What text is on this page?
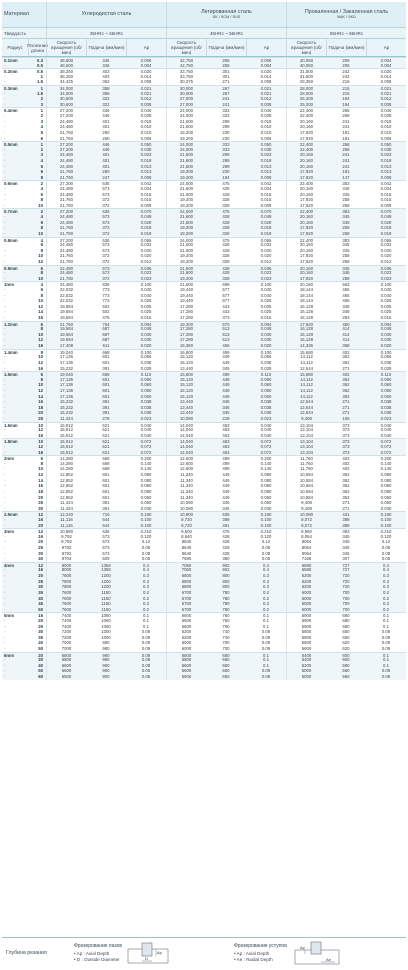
Материал	Углеродистая сталь	Легированная сталь
SK / SCM / SUS
Прокаленная / Закаленная сталь
NAK / SKD
Твердость	35HRc ~ 45HRc	45HRc ~ 55HRc	55HRc ~ 65HRc
Радиус Полезная длина
Скорость вращения (об/мин)
Подача (мм/мин)	Ap
Скорость вращения (об/мин)
Подача (мм/мин)	Ap
Скорость вращения (об/мин)
Подача (мм/мин)	Ap
0.1mm	0.3	48,600	345	0.006	42,750	255	0.006	40,050	206	0.004
-	0.5	48,600	345	0.004	42,750	255	0.004	40,050	206	0.004
0.2mm	0.5	38,250	403	0.020	33,750	301	0.020	31,500	242	0.020
-	1	38,250	403	0.014	33,750	301	0.014	31,500	242	0.014
-	1.5	34,425	362	0.008	30,375	271	0.008	28,350	218	0.008
0.3mm	1	34,000	358	0.021	30,000	267	0.021	28,000	215	0.021
-	1.5	34,000	358	0.021	30,000	267	0.021	28,000	215	0.021
-	2	30,600	322	0.012	27,000	241	0.012	25,200	194	0.012
-	3	30,600	322	0.008	27,000	241	0.008	25,200	194	0.008
0.4mm	1	27,200	446	0.040	24,000	333	0.040	22,400	268	0.040
-	2	27,200	446	0.028	24,000	333	0.028	22,400	268	0.028
-	3	24,480	401	0.018	21,600	299	0.018	20,160	241	0.018
-	4	24,480	401	0.010	21,600	299	0.010	20,160	241	0.010
-	5	21,760	260	0.010	19,200	230	0.010	17,920	181	0.010
-	6	21,760	260	0.006	19,200	230	0.006	17,920	181	0.006
0.5mm	1	27,200	446	0.050	24,000	333	0.050	22,400	268	0.050
-	2	27,200	446	0.035	24,000	333	0.035	22,400	268	0.035
-	3	24,480	401	0.023	21,600	299	0.023	20,160	241	0.023
-	4	24,480	401	0.018	21,600	299	0.018	20,160	241	0.018
-	5	24,480	401	0.013	21,600	299	0.013	20,160	241	0.013
-	6	21,760	260	0.013	19,200	230	0.013	17,920	181	0.013
-	8	21,760	247	0.008	19,200	194	0.008	17,920	147	0.008
0.6mm	2	27,200	636	0.042	24,000	475	0.042	22,400	383	0.042
-	4	24,480	573	0.024	21,600	428	0.024	20,160	345	0.024
-	6	24,480	573	0.015	21,600	428	0.015	20,160	345	0.015
-	8	21,760	372	0.015	19,200	328	0.015	17,920	258	0.015
-	10	21,760	372	0.009	19,200	328	0.009	17,920	258	0.009
0.7mm	2	27,200	636	0.070	24,000	475	0.070	22,400	383	0.070
-	4	24,480	573	0.049	21,600	428	0.049	20,160	345	0.049
-	6	24,480	573	0.028	21,600	428	0.028	20,160	345	0.028
-	8	21,760	372	0.018	19,200	328	0.018	17,920	258	0.018
-	10	21,760	372	0.018	19,200	328	0.018	17,920	258	0.018
0.8mm	4	27,200	636	0.056	24,000	475	0.056	22,400	383	0.056
-	6	24,480	573	0.032	21,600	428	0.032	20,160	345	0.032
-	8	24,480	573	0.020	21,600	428	0.020	20,160	345	0.020
-	10	21,760	372	0.020	19,200	328	0.020	17,920	258	0.020
-	12	21,760	372	0.012	19,200	328	0.012	17,920	258	0.012
0.9mm	6	24,480	573	0.036	21,600	428	0.036	20,160	345	0.036
-	8	24,480	573	0.023	21,600	428	0.023	20,160	345	0.023
-	10	21,760	372	0.023	19,200	328	0.023	17,920	258	0.023
1mm	4	24,480	936	0.100	21,600	699	0.100	20,160	563	0.100
-	6	22,032	773	0.040	19,440	577	0.040	18,144	465	0.040
-	8	22,032	773	0.040	19,440	577	0.040	18,144	465	0.040
-	10	22,032	773	0.025	19,440	577	0.025	18,144	465	0.025
-	12	19,584	502	0.025	17,280	443	0.025	16,128	348	0.025
-	14	19,584	502	0.025	17,280	443	0.025	16,128	348	0.025
-	16	19,584	476	0.015	17,280	373	0.015	16,128	283	0.015
1.2mm	6	21,760	764	0.084	19,200	570	0.084	17,920	460	0.084
-	8	19,584	687	0.048	17,280	513	0.048	16,128	414	0.048
-	10	19,584	687	0.030	17,280	513	0.030	16,128	414	0.030
-	12	19,584	687	0.030	17,280	513	0.030	16,128	414	0.030
-	16	17,408	611	0.020	15,360	456	0.020	14,336	368	0.020
1.4mm	8	19,040	668	0.100	16,800	499	0.100	15,680	402	0.100
-	10	17,136	601	0.056	15,120	449	0.056	14,112	362	0.056
-	12	17,136	601	0.035	15,120	449	0.035	14,112	362	0.035
-	16	15,232	391	0.035	13,440	345	0.035	12,544	271	0.035
1.5mm	6	19,040	668	0.110	16,800	499	0.110	15,680	402	0.110
-	8	17,136	601	0.060	15,120	449	0.060	14,112	362	0.060
-	10	17,136	601	0.060	15,120	449	0.060	14,112	362	0.060
-	12	17,136	601	0.060	15,120	449	0.060	14,112	362	0.060
-	14	17,136	601	0.060	15,120	449	0.060	14,112	362	0.060
-	16	15,232	391	0.038	13,440	345	0.038	12,544	271	0.038
-	18	15,232	391	0.038	13,440	345	0.038	12,544	271	0.038
-	20	15,232	391	0.038	13,440	345	0.038	12,544	271	0.038
-	25	11,424	278	0.023	10,080	218	0.023	9,408	165	0.023
1.6mm	10	15,912	621	0.040	14,040	463	0.040	13,104	373	0.040
-	12	15,912	621	0.040	14,040	463	0.040	13,104	373	0.040
-	16	15,912	621	0.040	14,040	463	0.040	13,104	373	0.040
1.8mm	10	15,912	621	0.072	14,040	463	0.072	13,104	373	0.072
-	12	15,912	621	0.072	14,040	463	0.072	13,104	373	0.072
-	16	15,912	621	0.072	14,040	463	0.072	13,104	373	0.072
2mm	6	14,280	668	0.200	12,600	499	0.200	11,760	402	0.200
-	8	14,280	668	0.140	12,600	499	0.140	11,760	402	0.140
-	10	14,280	668	0.140	12,600	499	0.140	11,760	402	0.140
-	12	12,852	601	0.080	11,340	449	0.080	10,584	362	0.080
-	14	12,852	601	0.080	11,340	449	0.080	10,584	362	0.080
-	16	12,852	601	0.080	11,340	449	0.080	10,584	362	0.080
-	18	12,852	601	0.080	11,340	449	0.080	10,584	362	0.080
-	20	12,852	601	0.050	11,340	449	0.050	10,584	362	0.050
-	25	11,424	391	0.050	10,080	345	0.050	9,408	271	0.050
-	30	11,424	391	0.030	10,080	345	0.030	9,408	271	0.030
2.5mm	12	12,240	716	0.180	10,800	535	0.180	10,080	431	0.180
-	16	11,116	644	0.100	9,720	388	0.100	9,072	388	0.100
-	20	11,116	644	0.100	9,720	481	0.100	9,072	388	0.100
3mm	12	10,880	636	0.210	9,600	475	0.210	8,960	383	0.210
-	16	9,792	573	0.120	8,640	428	0.120	8,064	345	0.120
-	20	9,792	573	0.12	8640	428	0.12	8064	345	0.12
-	25	9792	573	0.08	8640	428	0.08	8064	345	0.08
-	30	9792	573	0.08	8640	428	0.08	8064	345	0.08
-	40	8704	509	0.05	7680	380	0.05	7168	307	0.05
4mm	12	8000	1358	0.4	7050	902	0.4	6580	727	0.4
-	16	8000	1358	0.4	7050	902	0.4	6580	727	0.4
-	20	7800	1200	0.3	6800	800	0.3	6200	720	0.3
-	25	7800	1200	0.3	6800	800	0.3	6200	720	0.3
-	30	7800	1200	0.3	6800	800	0.3	6200	720	0.3
-	35	7600	1150	0.2	6700	780	0.2	6000	700	0.2
-	40	7600	1150	0.2	6700	780	0.2	6000	700	0.2
-	45	7600	1150	0.2	6700	780	0.2	6000	700	0.2
-	50	7600	1150	0.2	6700	780	0.2	6000	700	0.2
5mm	16	7400	1060	0.1	6600	760	0.1	5900	680	0.1
-	20	7400	1060	0.1	6600	760	0.1	5900	680	0.1
-	25	7400	1060	0.1	6600	760	0.1	5900	680	0.1
-	30	7200	1000	0.09	6200	740	0.09	5800	650	0.09
-	35	7200	1000	0.09	6200	740	0.09	5800	650	0.09
-	40	7000	980	0.09	6000	700	0.09	5600	620	0.09
-	50	7000	980	0.09	6000	700	0.09	5600	620	0.09
6mm	20	6800	960	0.08	5800	680	0.1	5400	600	0.1
-	30	6800	960	0.08	5800	680	0.1	5400	600	0.1
-	40	6600	960	0.08	5600	650	0.1	5200	590	0.1
-	50	6500	900	0.05	5600	650	0.09	5000	560	0.09
-	60	6500	900	0.05	5600	650	0.09	5000	560	0.09
Глубина резания
Фрезерование пазов
• Ap : Axial Depth
• D : Outside Diameter
Ap
D
Фрезерование уступов
• Ap : Axial Depth
• Ae : Radial Depth
Ap
Ae
